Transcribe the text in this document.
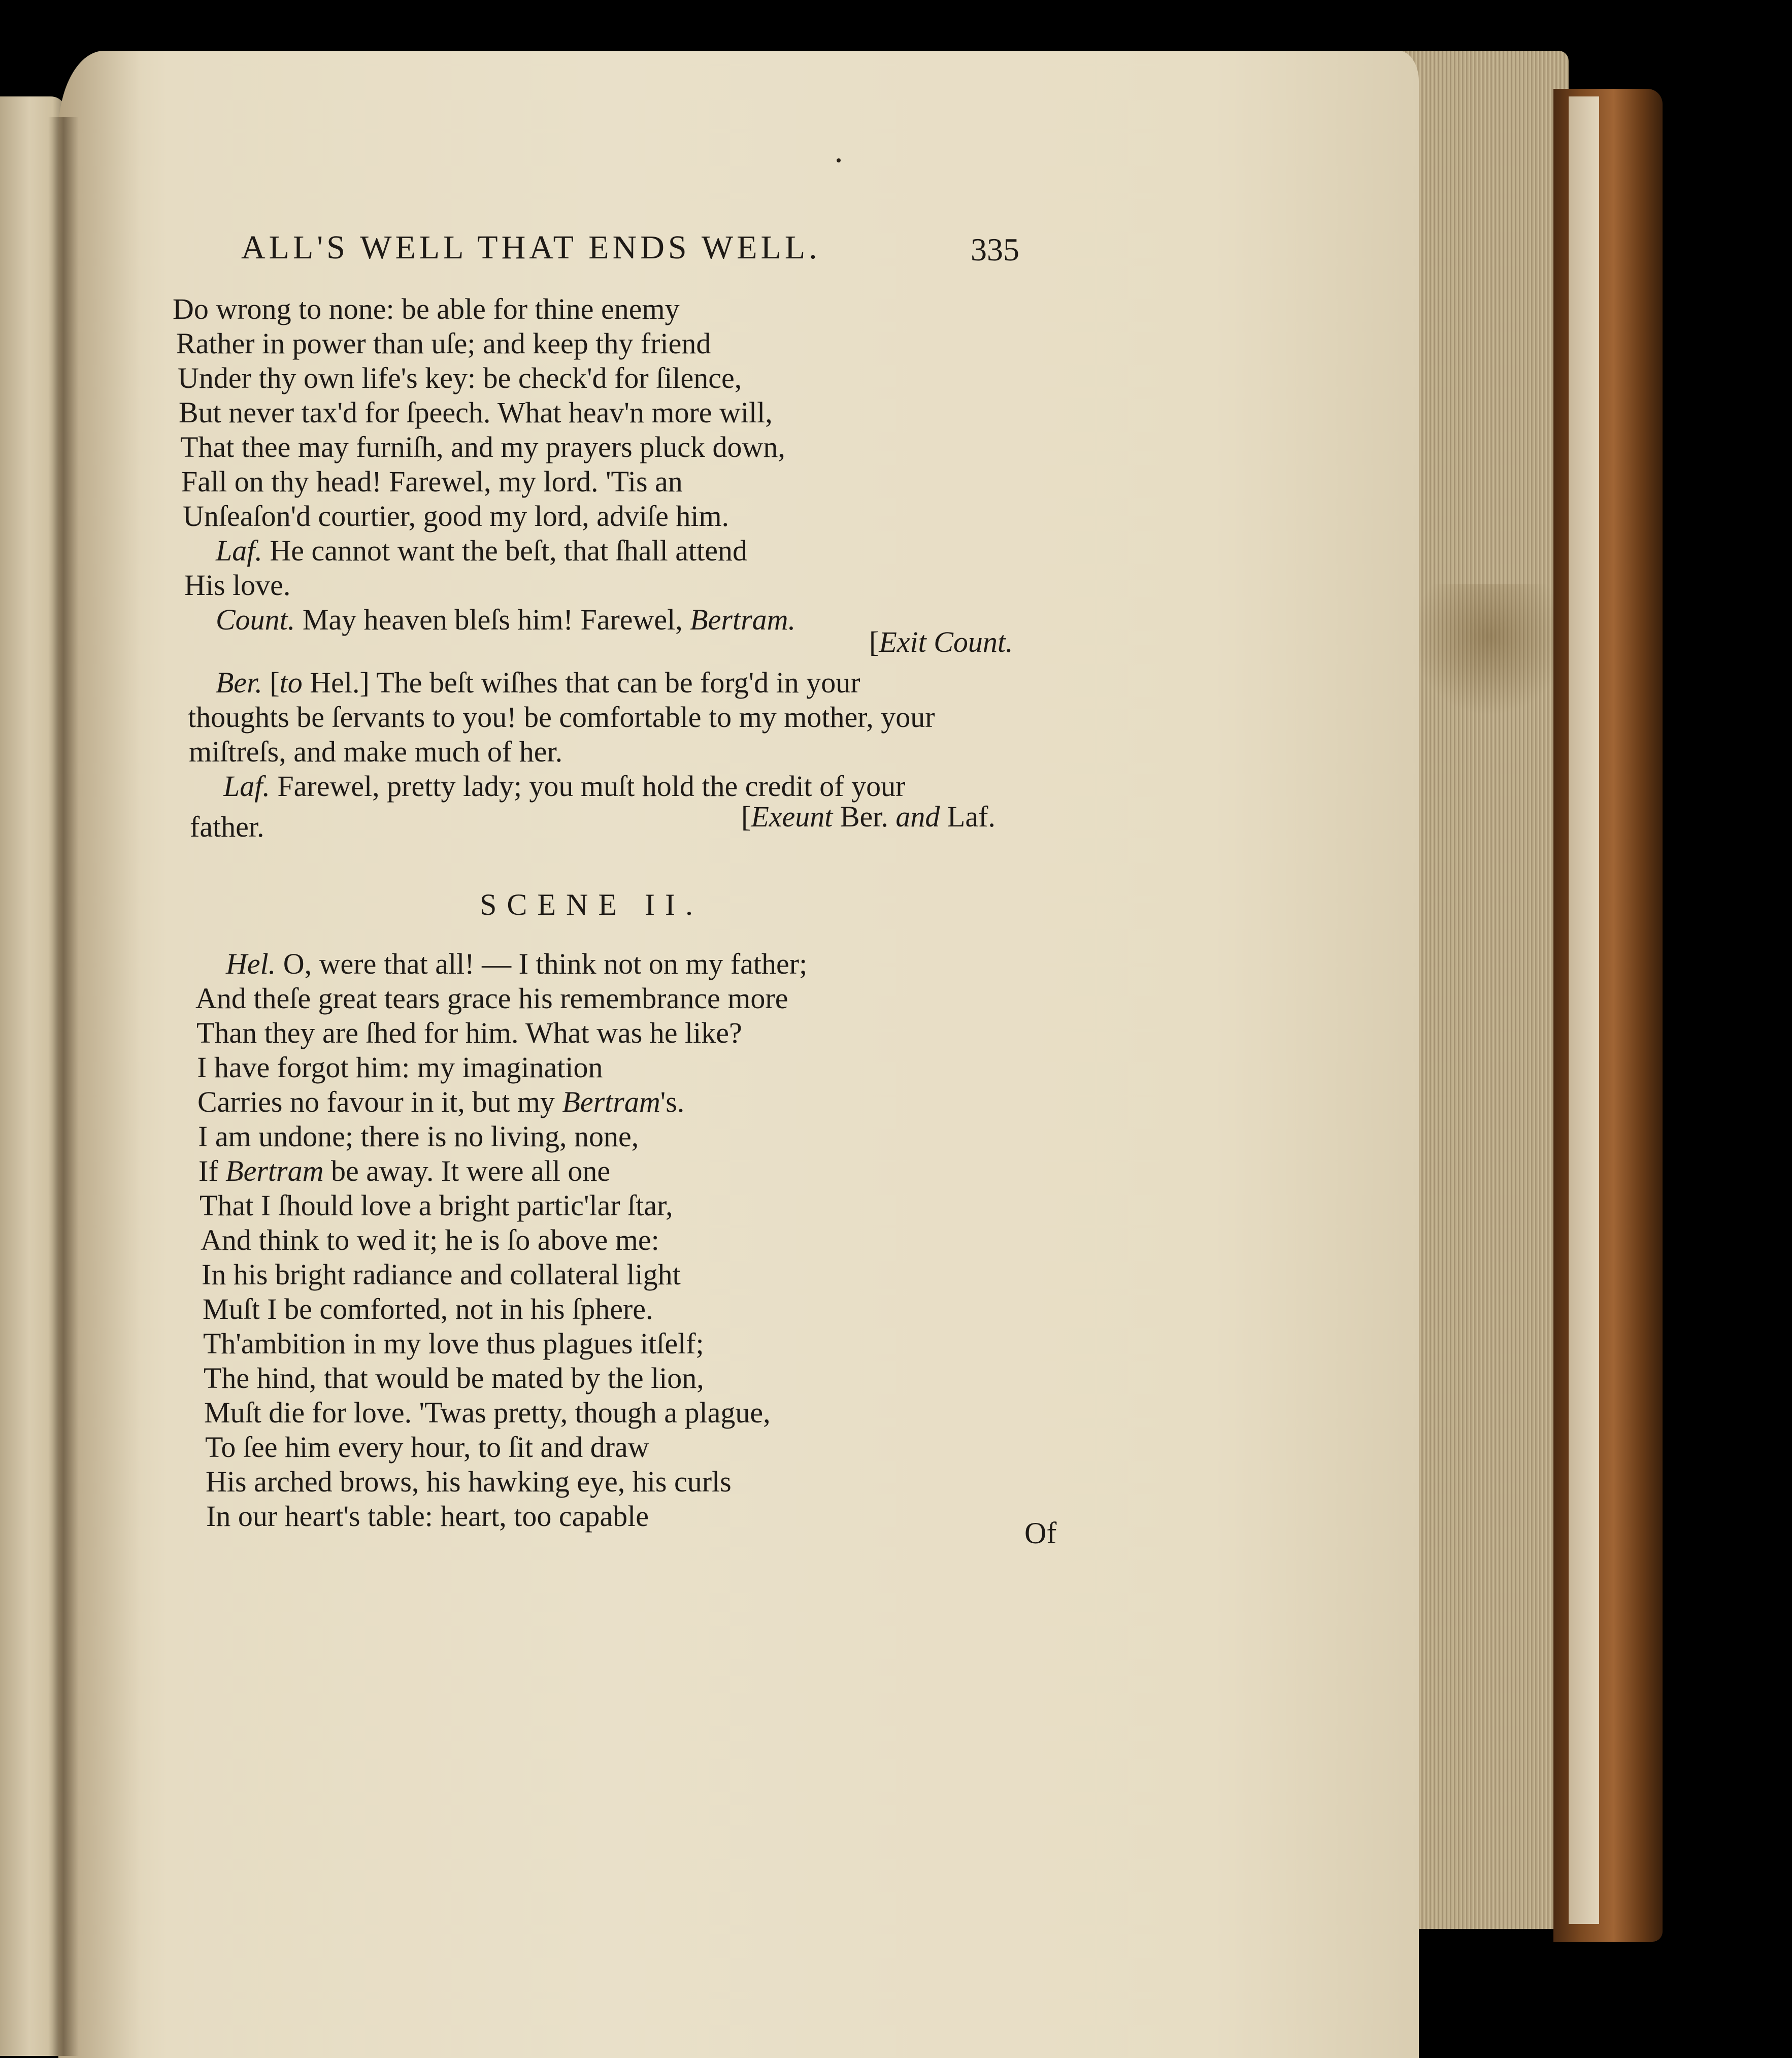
ALL'S WELL THAT ENDS WELL.	335
Do wrong to none: be able for thine enemy
Rather in power than uſe; and keep thy friend
Under thy own life's key: be check'd for ſilence,
But never tax'd for ſpeech. What heav'n more will,
That thee may furniſh, and my prayers pluck down,
Fall on thy head! Farewel, my lord. 'Tis an
Unſeaſon'd courtier, good my lord, adviſe him.
Laf. He cannot want the beſt, that ſhall attend
His love.
Count. May heaven bleſs him! Farewel, Bertram.
[Exit Count.
Ber. [to Hel.] The beſt wiſhes that can be forg'd in your
thoughts be ſervants to you! be comfortable to my mother, your
miſtreſs, and make much of her.
Laf. Farewel, pretty lady; you muſt hold the credit of your
father.	[Exeunt Ber. and Laf.
SCENE II.
Hel. O, were that all! — I think not on my father;
And theſe great tears grace his remembrance more
Than they are ſhed for him. What was he like?
I have forgot him: my imagination
Carries no favour in it, but my Bertram's.
I am undone; there is no living, none,
If Bertram be away. It were all one
That I ſhould love a bright partic'lar ſtar,
And think to wed it; he is ſo above me:
In his bright radiance and collateral light
Muſt I be comforted, not in his ſphere.
Th'ambition in my love thus plagues itſelf;
The hind, that would be mated by the lion,
Muſt die for love. 'Twas pretty, though a plague,
To ſee him every hour, to ſit and draw
His arched brows, his hawking eye, his curls
In our heart's table: heart, too capable
Of
